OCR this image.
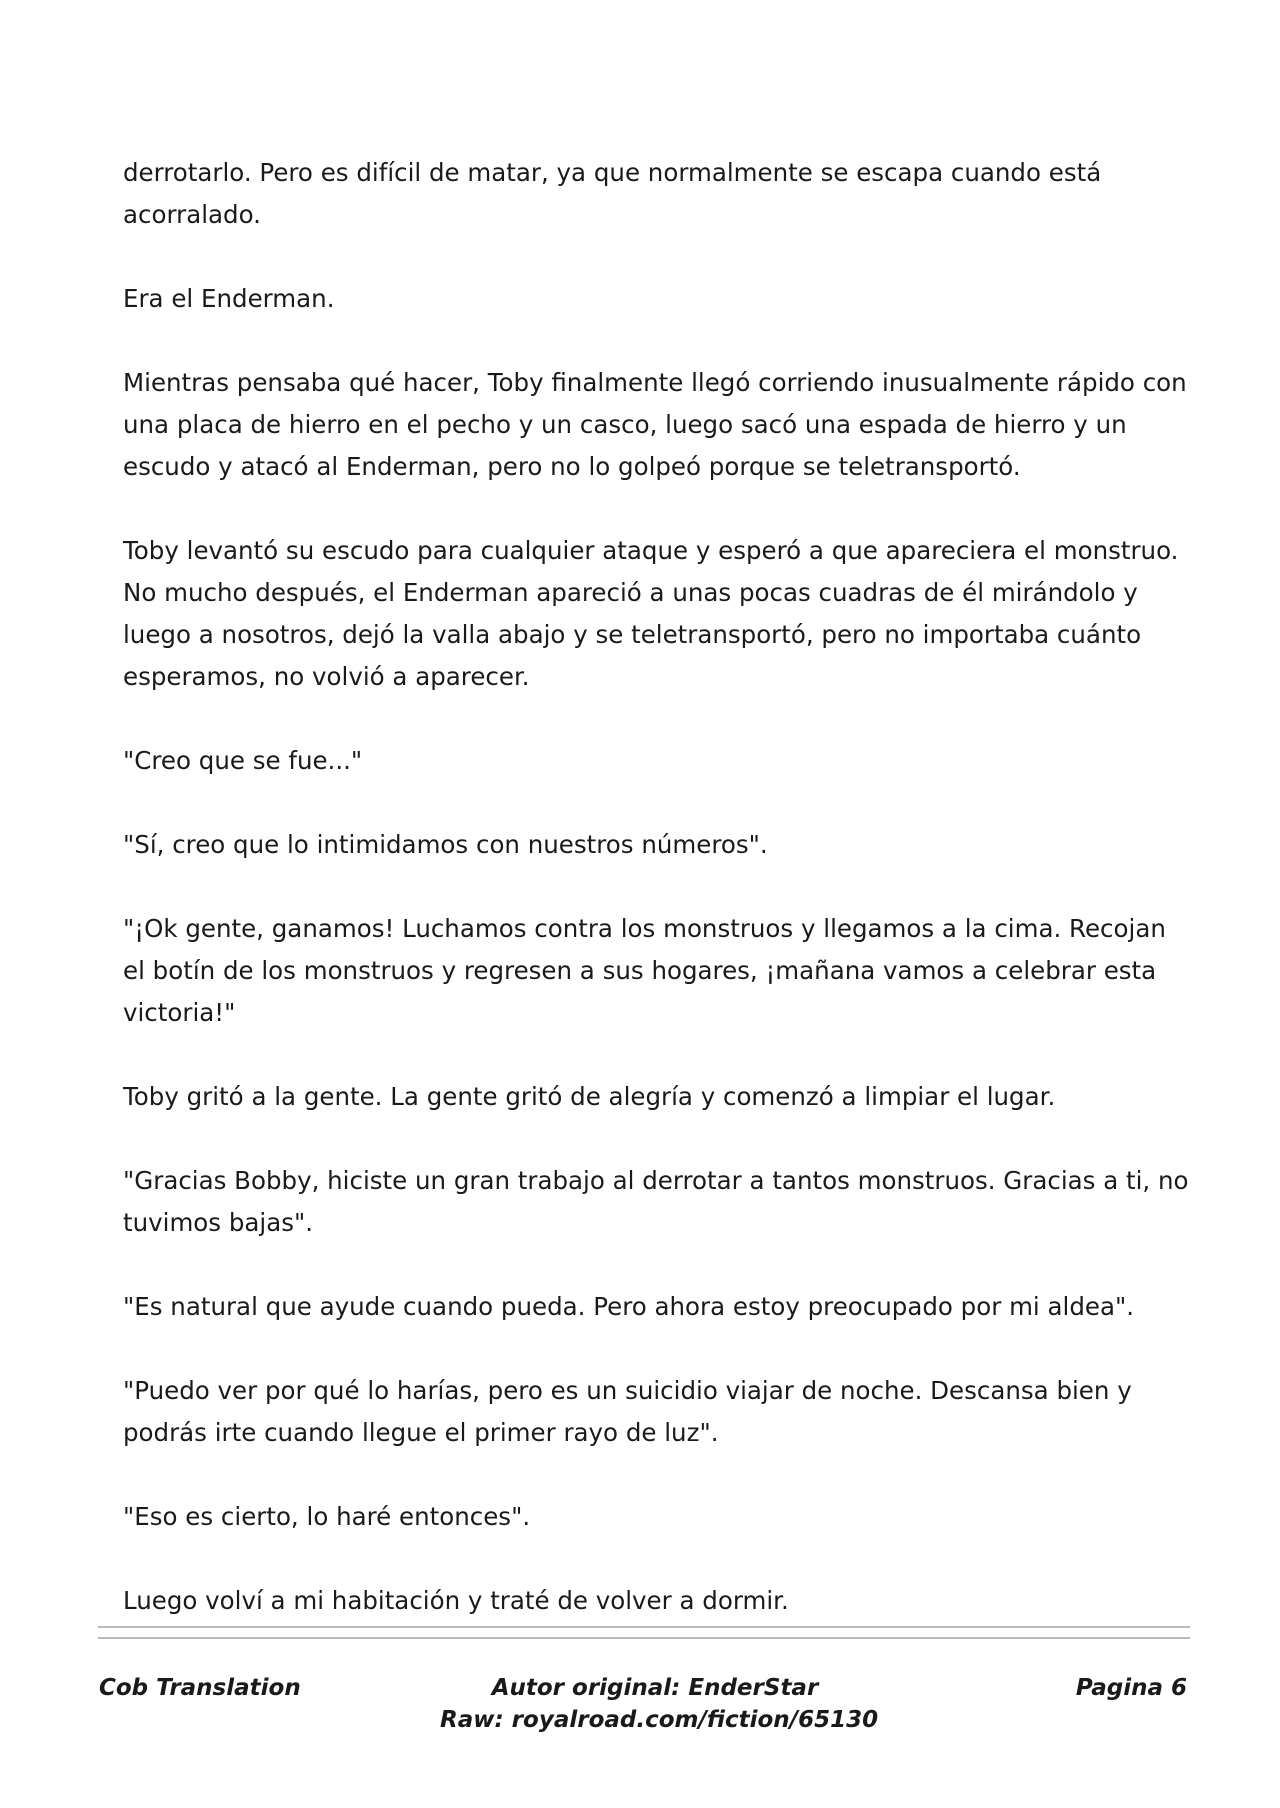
derrotarlo. Pero es difícil de matar, ya que normalmente se escapa cuando está acorralado.

Era el Enderman.

Mientras pensaba qué hacer, Toby finalmente llegó corriendo inusualmente rápido con una placa de hierro en el pecho y un casco, luego sacó una espada de hierro y un escudo y atacó al Enderman, pero no lo golpeó porque se teletransportó.

Toby levantó su escudo para cualquier ataque y esperó a que apareciera el monstruo. No mucho después, el Enderman apareció a unas pocas cuadras de él mirándolo y luego a nosotros, dejó la valla abajo y se teletransportó, pero no importaba cuánto esperamos, no volvió a aparecer.

"Creo que se fue..."

"Sí, creo que lo intimidamos con nuestros números".

"¡Ok gente, ganamos! Luchamos contra los monstruos y llegamos a la cima. Recojan el botín de los monstruos y regresen a sus hogares, ¡mañana vamos a celebrar esta victoria!"

Toby gritó a la gente. La gente gritó de alegría y comenzó a limpiar el lugar.

"Gracias Bobby, hiciste un gran trabajo al derrotar a tantos monstruos. Gracias a ti, no tuvimos bajas".

"Es natural que ayude cuando pueda. Pero ahora estoy preocupado por mi aldea".

"Puedo ver por qué lo harías, pero es un suicidio viajar de noche. Descansa bien y podrás irte cuando llegue el primer rayo de luz".

"Eso es cierto, lo haré entonces".

Luego volví a mi habitación y traté de volver a dormir.

Cob Translation	Autor original: EnderStar
Raw: royalroad.com/fiction/65130
Pagina 6
